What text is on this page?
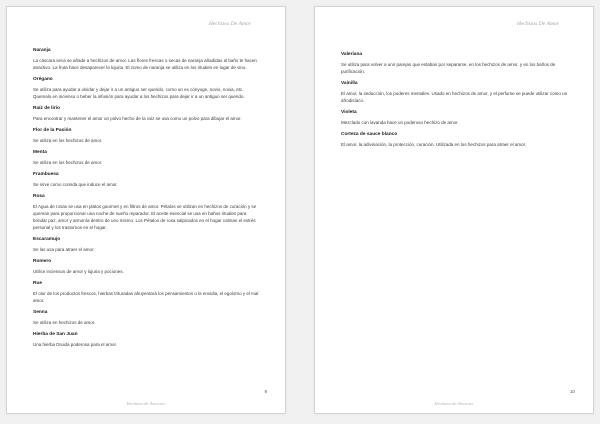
Hechizos De Amor
Naranja
La cáscara seca se añade a hechizos de amor. Las flores frescas o secas de naranja añadidas al baño te hacen atractivo. La fruta hace desaparecer la lujuria. El zumo de naranja se utiliza en los rituales en lugar de vino.
Orégano
Se utiliza para ayudar a olvidar y dejar ir a un antiguo ser querido, como un ex cónyuge, novio, novia, etc. Quemalo en incienso o beber la infusión para ayudar a los hechizos para dejar ir a un antiguo ser querido.
Raíz de lirio
Para encontrar y mantener el amor un polvo hecho de la raíz se usa como un polvo para dibujar el amor.
Flor de la Pasión
Se utiliza en los hechizos de amor.
Menta
Se utiliza en los hechizos de amor.
Frambuesa
Se sirve como comida que induce el amor.
Rosa
El Agua de rosas se usa en platos gourmet y en filtros de amor. Pétalos se utilizan en hechizos de curación y se queman para proporcionar una noche de sueño reparador. El aceite esencial se usa en baños rituales para brindar paz, amor y armonía dentro de uno mismo. Los Pétalos de rosa salpicados en el hogar calman el estrés personal y los trastornos en el hogar.
Escaramujo
Se las usa para atraer el amor.
Romero
Utilice inciensos de amor y lujuria y pociones.
Rue
El olor de los productos frescos, hierbas trituradas ahuyentará los pensamientos o la envidia, el egoísmo y el mal amor.
Senna
Se utiliza en hechizos de amor.
Hierba de San Juan
Una hierba Druida poderosa para el amor.
9
Hechizos-de-Amor.net
Hechizos De Amor
Valeriana
Se utiliza para volver a unir parejas que estaban por separarse, en los hechizos de amor, y en los baños de purificación.
Vainilla
El amor, la seducción, los poderes mentales. Usado en hechizos de amor, y el perfume se puede utilizar como un afrodisíaco.
Violeta
Mezclado con lavanda hace un poderoso hechizo de amor.
Corteza de sauce blanco
El amor, la adivinación, la protección, curación. Utilizada en los hechizos para atraer el amor.
10
Hechizos-de-Amor.net
